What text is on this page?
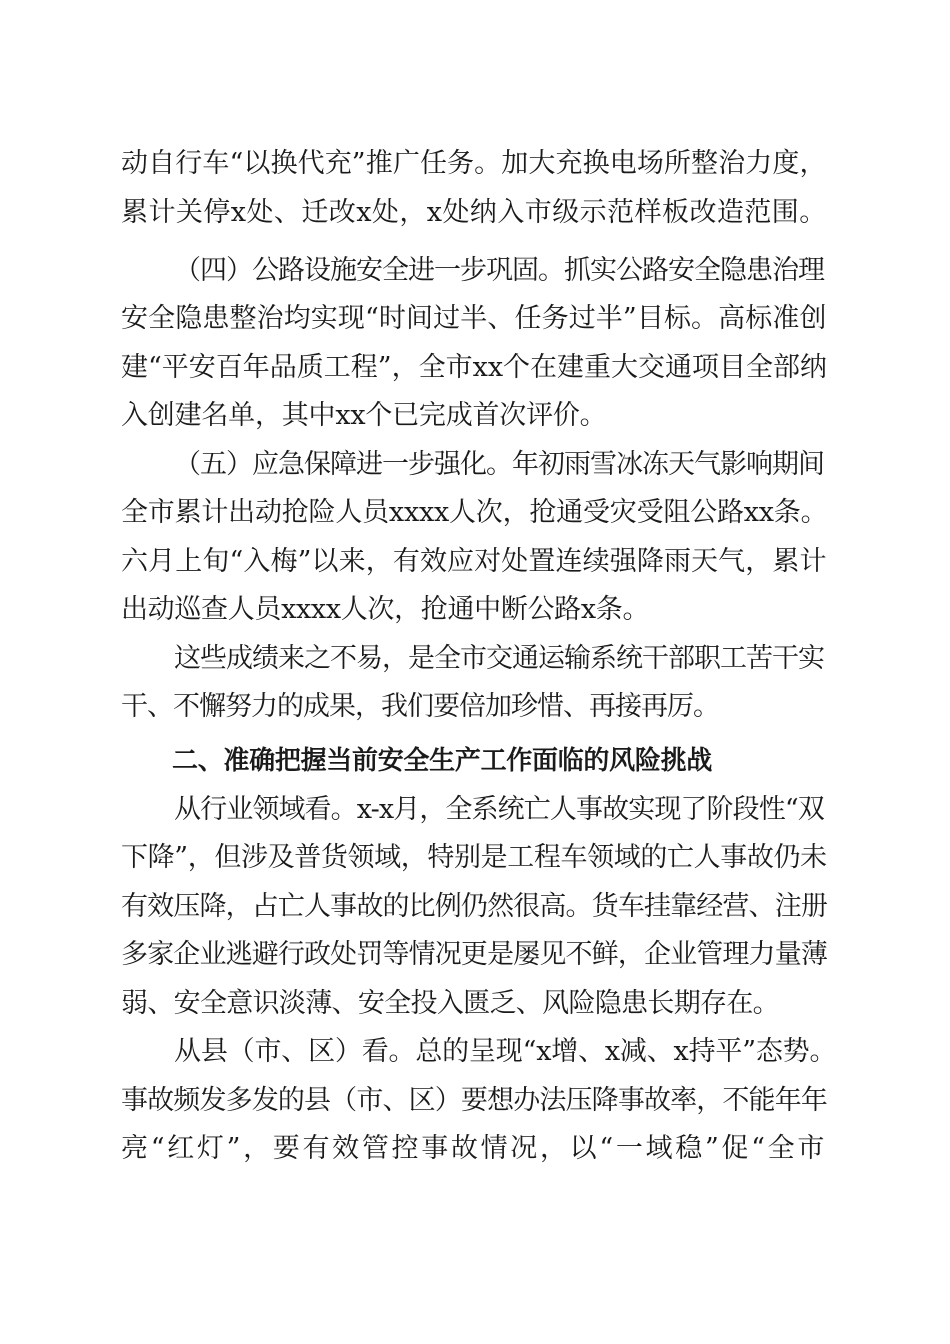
动自行车“以换代充”推广任务。加大充换电场所整治力度，
累计关停x处、迁改x处，x处纳入市级示范样板改造范围。
（四）公路设施安全进一步巩固。抓实公路安全隐患治理
安全隐患整治均实现“时间过半、任务过半”目标。高标准创
建“平安百年品质工程”，全市xx个在建重大交通项目全部纳
入创建名单，其中xx个已完成首次评价。
（五）应急保障进一步强化。年初雨雪冰冻天气影响期间
全市累计出动抢险人员xxxx人次，抢通受灾受阻公路xx条。
六月上旬“入梅”以来，有效应对处置连续强降雨天气，累计
出动巡查人员xxxx人次，抢通中断公路x条。
这些成绩来之不易，是全市交通运输系统干部职工苦干实
干、不懈努力的成果，我们要倍加珍惜、再接再厉。
二、准确把握当前安全生产工作面临的风险挑战
从行业领域看。x-x月，全系统亡人事故实现了阶段性“双
下降”，但涉及普货领域，特别是工程车领域的亡人事故仍未
有效压降，占亡人事故的比例仍然很高。货车挂靠经营、注册
多家企业逃避行政处罚等情况更是屡见不鲜，企业管理力量薄
弱、安全意识淡薄、安全投入匮乏、风险隐患长期存在。
从县（市、区）看。总的呈现“x增、x减、x持平”态势。
事故频发多发的县（市、区）要想办法压降事故率，不能年年
亮“红灯”，要有效管控事故情况，以“一域稳”促“全市
